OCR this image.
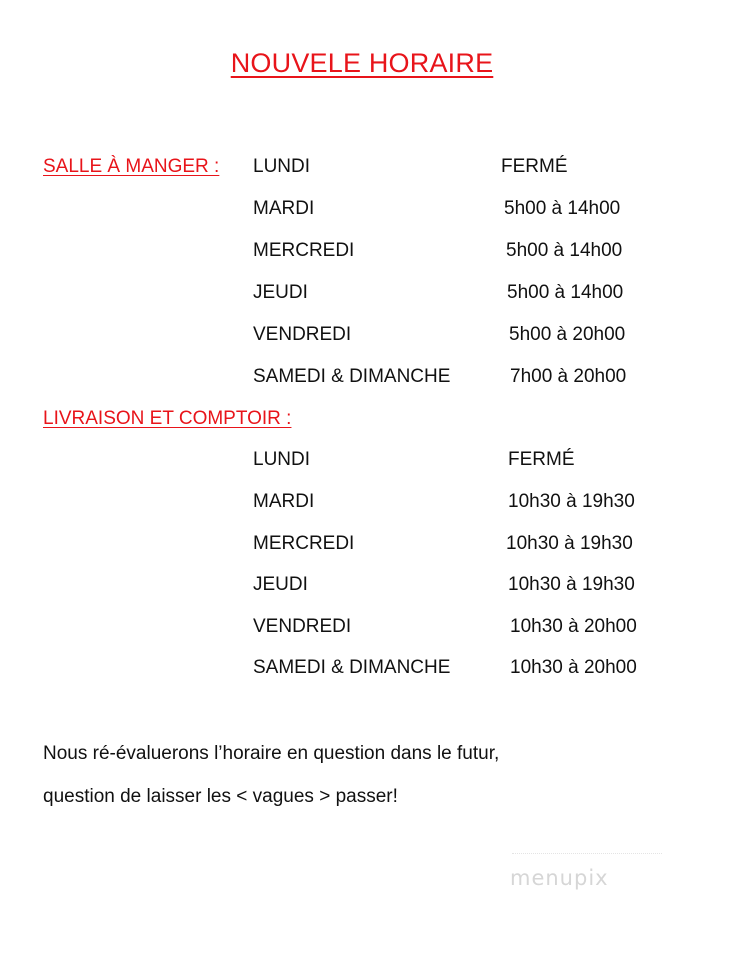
NOUVELE HORAIRE
SALLE À MANGER : LUNDI	FERMÉ
MARDI	5h00 à 14h00
MERCREDI	5h00 à 14h00
JEUDI	5h00 à 14h00
VENDREDI	5h00 à 20h00
SAMEDI & DIMANCHE	7h00 à 20h00
LIVRAISON ET COMPTOIR :
LUNDI	FERMÉ
MARDI	10h30 à 19h30
MERCREDI	10h30 à 19h30
JEUDI	10h30 à 19h30
VENDREDI	10h30 à 20h00
SAMEDI & DIMANCHE	10h30 à 20h00
Nous ré-évaluerons l’horaire en question dans le futur,
question de laisser les < vagues > passer!
menupix
